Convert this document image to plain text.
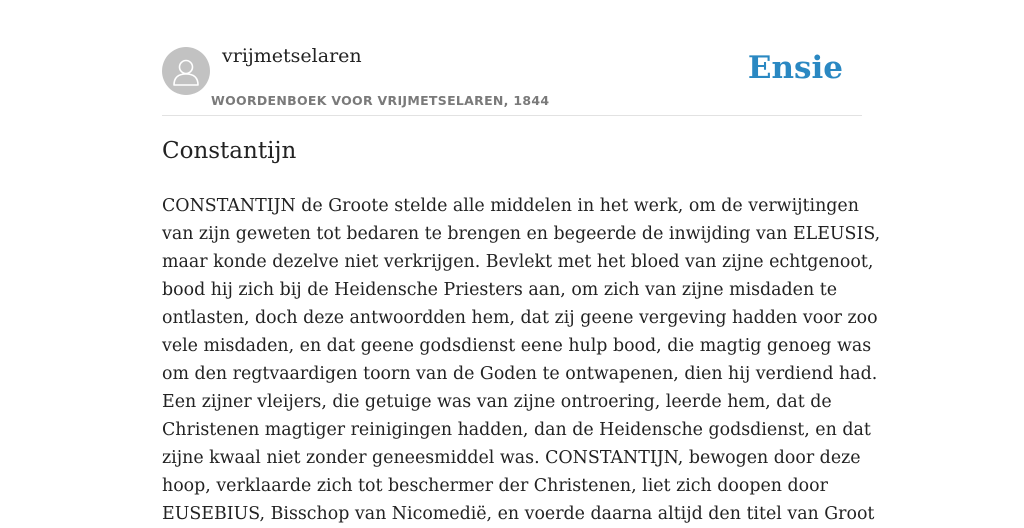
vrijmetselaren
WOORDENBOEK VOOR VRIJMETSELAREN, 1844
Ensie
Constantijn

CONSTANTIJN de Groote stelde alle middelen in het werk, om de verwijtingen
van zijn geweten tot bedaren te brengen en begeerde de inwijding van ELEUSIS,
maar konde dezelve niet verkrijgen. Bevlekt met het bloed van zijne echtgenoot,
bood hij zich bij de Heidensche Priesters aan, om zich van zijne misdaden te
ontlasten, doch deze antwoordden hem, dat zij geene vergeving hadden voor zoo
vele misdaden, en dat geene godsdienst eene hulp bood, die magtig genoeg was
om den regtvaardigen toorn van de Goden te ontwapenen, dien hij verdiend had.
Een zijner vleijers, die getuige was van zijne ontroering, leerde hem, dat de
Christenen magtiger reinigingen hadden, dan de Heidensche godsdienst, en dat
zijne kwaal niet zonder geneesmiddel was. CONSTANTIJN, bewogen door deze
hoop, verklaarde zich tot beschermer der Christenen, liet zich doopen door
EUSEBIUS, Bisschop van Nicomedië, en voerde daarna altijd den titel van Groot
